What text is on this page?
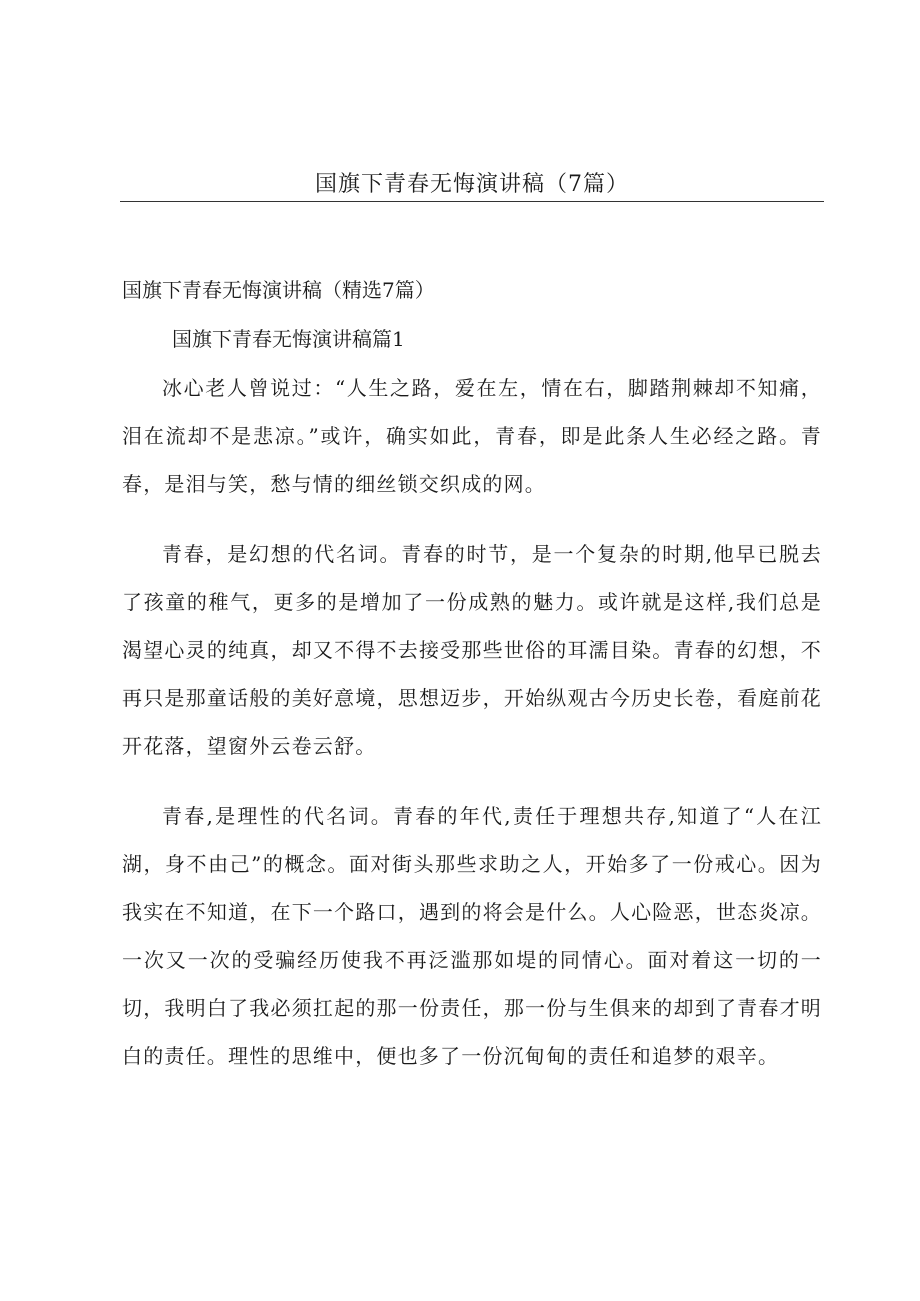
国旗下青春无悔演讲稿（7篇）

国旗下青春无悔演讲稿（精选7篇）

国旗下青春无悔演讲稿篇1

冰心老人曾说过：“人生之路，爱在左，情在右，脚踏荆棘却不知痛，泪在流却不是悲凉。”或许，确实如此，青春，即是此条人生必经之路。青春，是泪与笑，愁与情的细丝锁交织成的网。

青春，是幻想的代名词。青春的时节，是一个复杂的时期,他早已脱去了孩童的稚气，更多的是增加了一份成熟的魅力。或许就是这样,我们总是渴望心灵的纯真，却又不得不去接受那些世俗的耳濡目染。青春的幻想，不再只是那童话般的美好意境，思想迈步，开始纵观古今历史长卷，看庭前花开花落，望窗外云卷云舒。

青春,是理性的代名词。青春的年代,责任于理想共存,知道了“人在江湖，身不由己”的概念。面对街头那些求助之人，开始多了一份戒心。因为我实在不知道，在下一个路口，遇到的将会是什么。人心险恶，世态炎凉。一次又一次的受骗经历使我不再泛滥那如堤的同情心。面对着这一切的一切，我明白了我必须扛起的那一份责任，那一份与生俱来的却到了青春才明白的责任。理性的思维中，便也多了一份沉甸甸的责任和追梦的艰辛。
